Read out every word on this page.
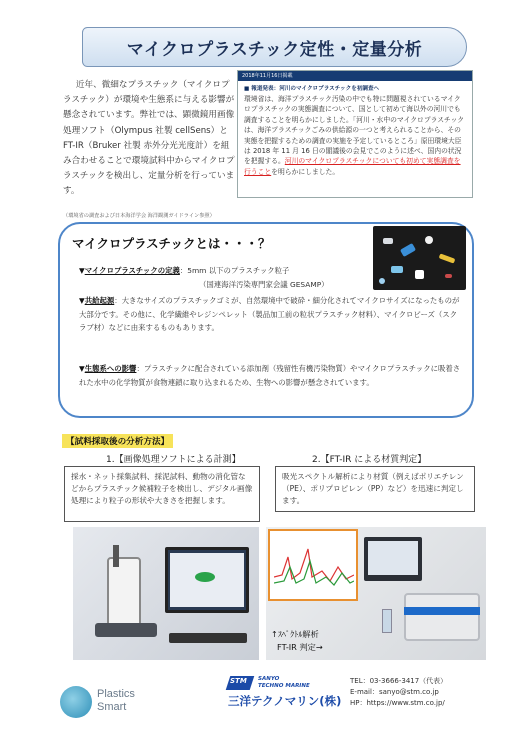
マイクロプラスチック定性・定量分析

近年、微細なプラスチック（マイクロプラスチック）が環境や生態系に与える影響が懸念されています。弊社では、顕微鏡用画像処理ソフト（Olympus 社製 cellSens）と FT-IR（Bruker 社製 赤外分光光度計）を組み合わせることで環境試料中からマイクロプラスチックを検出し、定量分析を行っています。

（環境省の調査および日本海洋学会 海洋観測ガイドライン参照）

2018年11月16日掲載
■ 報道発表：河川のマイクロプラスチックを初調査へ
環境省は、海洋プラスチック汚染の中でも特に問題視されているマイクロプラスチックの実態調査について、国として初めて海以外の河川でも調査することを明らかにしました。「河川・水中のマイクロプラスチックは、海洋プラスチックごみの供給源の一つと考えられることから、その実態を把握するための調査の実施を予定しているところ」原田環境大臣は 2018 年 11 月 16 日の閣議後の会見でこのように述べ、国内の状況を把握する。河川のマイクロプラスチックについても初めて実態調査を行うことを明らかにしました。
マイクロプラスチックとは・・・？
▼マイクロプラスチックの定義：5mm 以下のプラスチック粒子
（国連海洋汚染専門家会議 GESAMP）
▼共給起源：大きなサイズのプラスチックゴミが、自然環境中で破砕・細分化されてマイクロサイズになったものが大部分です。その他に、化学繊維やレジンペレット（製品加工前の粒状プラスチック材料）、マイクロビーズ（スクラブ材）などに由来するものもあります。
▼生態系への影響：プラスチックに配合されている添加剤（残留性有機汚染物質）やマイクロプラスチックに吸着された水中の化学物質が食物連鎖に取り込まれるため、生物への影響が懸念されています。
【試料採取後の分析方法】
1.【画像処理ソフトによる計測】
採水・ネット採集試料、採泥試料、動物の消化管などからプラスチック候補粒子を検出し、デジタル画像処理により粒子の形状や大きさを把握します。
2.【FT-IR による材質判定】
吸光スペクトル解析により材質（例えばポリエチレン（PE）、ポリプロピレン（PP）など）を迅速に判定します。
↑ｽﾍﾟｸﾄﾙ解析
FT-IR 判定→
Plastics
Smart
STM SANYO
TECHNO MARINE
三洋テクノマリン(株)
TEL：03-3666-3417（代表）
E-mail：sanyo@stm.co.jp
HP：https://www.stm.co.jp/
